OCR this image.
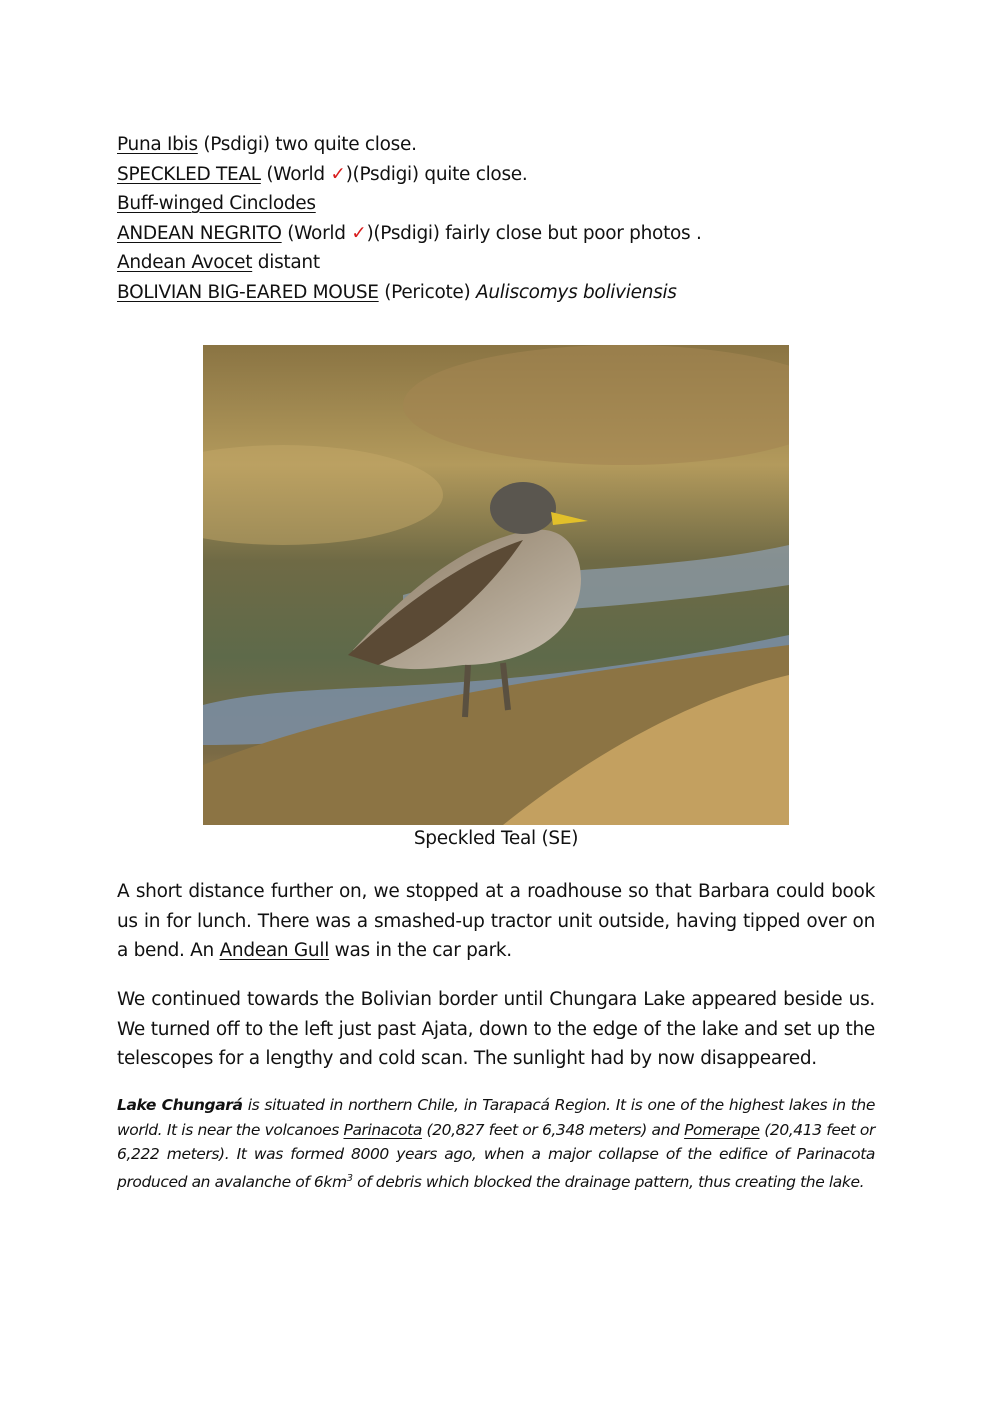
Puna Ibis (Psdigi) two quite close.
SPECKLED TEAL (World ✓)(Psdigi) quite close.
Buff-winged Cinclodes
ANDEAN NEGRITO (World ✓)(Psdigi) fairly close but poor photos .
Andean Avocet distant
BOLIVIAN BIG-EARED MOUSE (Pericote) Auliscomys boliviensis
Speckled Teal (SE)
A short distance further on, we stopped at a roadhouse so that Barbara could book us in for lunch. There was a smashed-up tractor unit outside, having tipped over on a bend. An Andean Gull was in the car park.
We continued towards the Bolivian border until Chungara Lake appeared beside us. We turned off to the left just past Ajata, down to the edge of the lake and set up the telescopes for a lengthy and cold scan. The sunlight had by now disappeared.
Lake Chungará is situated in northern Chile, in Tarapacá Region. It is one of the highest lakes in the world. It is near the volcanoes Parinacota (20,827 feet or 6,348 meters) and Pomerape (20,413 feet or 6,222 meters). It was formed 8000 years ago, when a major collapse of the edifice of Parinacota produced an avalanche of $6km^3$ of debris which blocked the drainage pattern, thus creating the lake.
